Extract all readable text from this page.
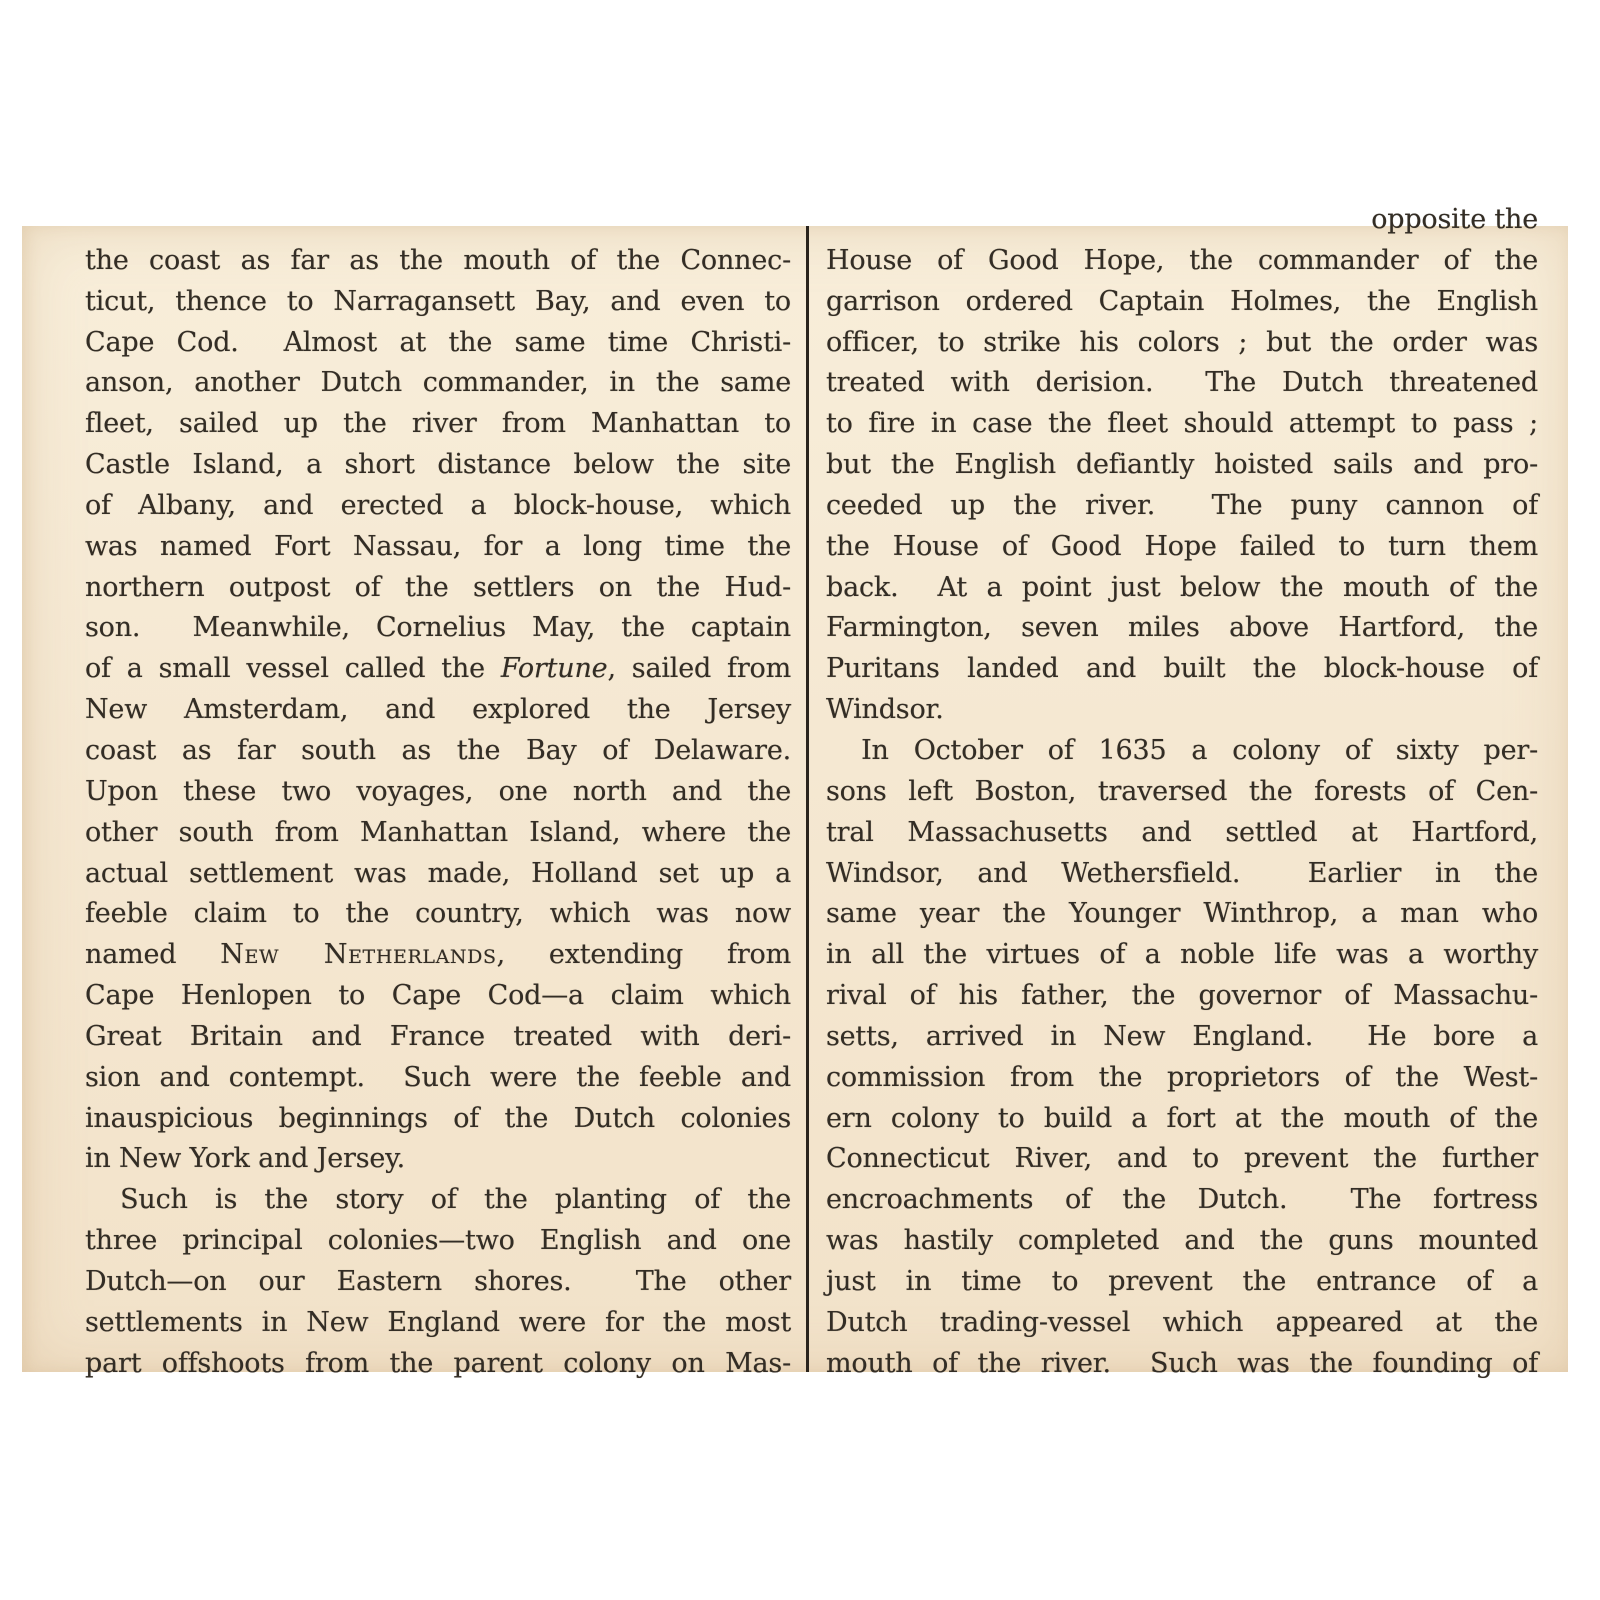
the coast as far as the mouth of the Connec-
ticut, thence to Narragansett Bay, and even to
Cape Cod.  Almost at the same time Christi-
anson, another Dutch commander, in the same
fleet, sailed up the river from Manhattan to
Castle Island, a short distance below the site
of Albany, and erected a block-house, which
was named Fort Nassau, for a long time the
northern outpost of the settlers on the Hud-
son.  Meanwhile, Cornelius May, the captain
of a small vessel called the Fortune, sailed from
New Amsterdam, and explored the Jersey
coast as far south as the Bay of Delaware.
Upon these two voyages, one north and the
other south from Manhattan Island, where the
actual settlement was made, Holland set up a
feeble claim to the country, which was now
named New Netherlands, extending from
Cape Henlopen to Cape Cod—a claim which
Great Britain and France treated with deri-
sion and contempt.  Such were the feeble and
inauspicious beginnings of the Dutch colonies
in New York and Jersey.
Such is the story of the planting of the
three principal colonies—two English and one
Dutch—on our Eastern shores.  The other
settlements in New England were for the most
part offshoots from the parent colony on Mas-
opposite the
House of Good Hope, the commander of the
garrison ordered Captain Holmes, the English
officer, to strike his colors ; but the order was
treated with derision.  The Dutch threatened
to fire in case the fleet should attempt to pass ;
but the English defiantly hoisted sails and pro-
ceeded up the river.  The puny cannon of
the House of Good Hope failed to turn them
back.  At a point just below the mouth of the
Farmington, seven miles above Hartford, the
Puritans landed and built the block-house of
Windsor.
In October of 1635 a colony of sixty per-
sons left Boston, traversed the forests of Cen-
tral Massachusetts and settled at Hartford,
Windsor, and Wethersfield.  Earlier in the
same year the Younger Winthrop, a man who
in all the virtues of a noble life was a worthy
rival of his father, the governor of Massachu-
setts, arrived in New England.  He bore a
commission from the proprietors of the West-
ern colony to build a fort at the mouth of the
Connecticut River, and to prevent the further
encroachments of the Dutch.  The fortress
was hastily completed and the guns mounted
just in time to prevent the entrance of a
Dutch trading-vessel which appeared at the
mouth of the river.  Such was the founding of
